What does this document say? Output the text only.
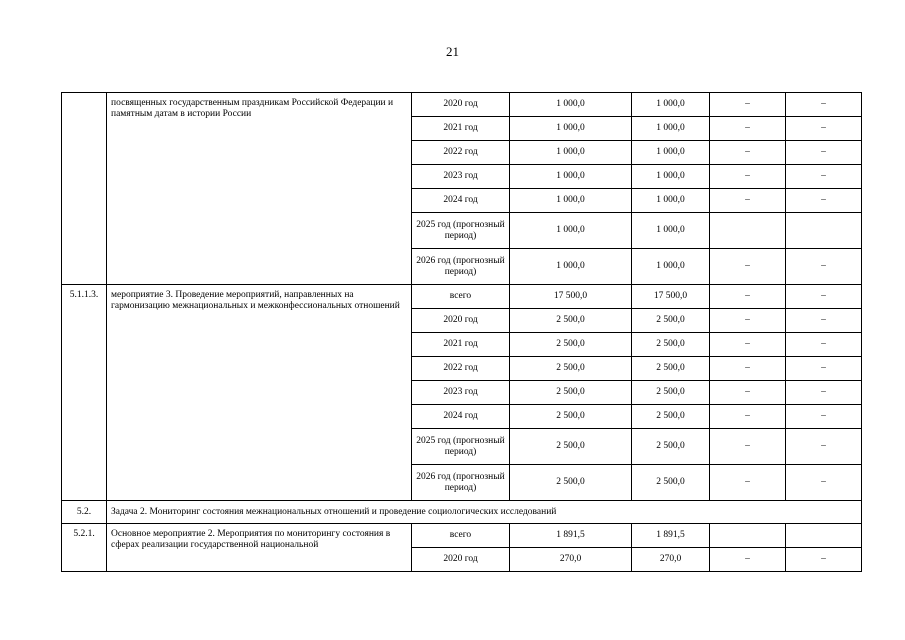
21
	посвященных государственным праздникам Российской Федерации и памятным датам в истории России	2020 год	1 000,0	1 000,0	–	–
		2021 год	1 000,0	1 000,0	–	–
		2022 год	1 000,0	1 000,0	–	–
		2023 год	1 000,0	1 000,0	–	–
		2024 год	1 000,0	1 000,0	–	–
		2025 год (прогнозный период)	1 000,0	1 000,0		
		2026 год (прогнозный период)	1 000,0	1 000,0	–	–
5.1.1.3.	мероприятие 3. Проведение мероприятий, направленных на гармонизацию межнациональных и межконфессиональных отношений	всего	17 500,0	17 500,0	–	–
		2020 год	2 500,0	2 500,0	–	–
		2021 год	2 500,0	2 500,0	–	–
		2022 год	2 500,0	2 500,0	–	–
		2023 год	2 500,0	2 500,0	–	–
		2024 год	2 500,0	2 500,0	–	–
		2025 год (прогнозный период)	2 500,0	2 500,0	–	–
		2026 год (прогнозный период)	2 500,0	2 500,0	–	–
5.2.	Задача 2. Мониторинг состояния межнациональных отношений и проведение социологических исследований					
5.2.1.	Основное мероприятие 2. Мероприятия по мониторингу состояния в сферах реализации государственной национальной	всего	1 891,5	1 891,5		
		2020 год	270,0	270,0	–	–
